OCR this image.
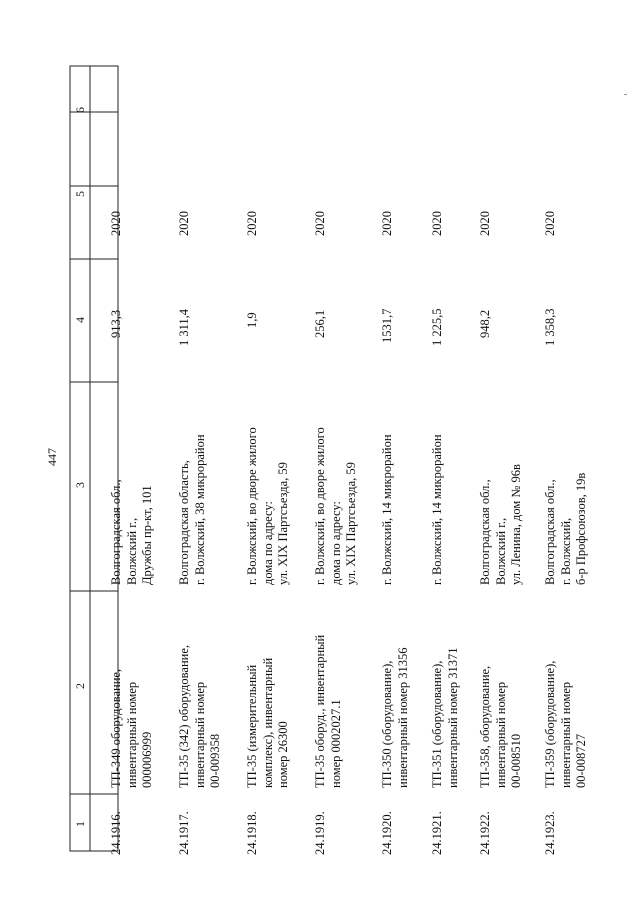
447
6
5
4
3
2
1 24.1916.
ТП-349 оборудование, инвентарный номер 000006999
Волгоградская обл., Волжский г., Дружбы пр-кт, 101
913,3
2020
24.1917.
ТП-35 (342) оборудование, инвентарный номер 00-009358
Волгоградская область, г. Волжский, 38 микрорайон
1 311,4
2020
24.1918.
ТП-35 (измерительный комплекс), инвентарный номер 26300
г. Волжский, во дворе жилого дома по адресу: ул. XIX Партсъезда, 59
1,9
2020
24.1919.
ТП-35 оборуд., инвентарный номер 0002027.1
г. Волжский, во дворе жилого дома по адресу: ул. XIX Партсъезда, 59
256,1
2020
24.1920.
ТП-350 (оборудование), инвентарный номер 31356
г. Волжский, 14 микрорайон
1531,7
2020
24.1921.
ТП-351 (оборудование), инвентарный номер 31371
г. Волжский, 14 микрорайон
1 225,5
2020
24.1922.
ТП-358, оборудование, инвентарный номер 00-008510
Волгоградская обл., Волжский г., ул. Ленина, дом № 96в
948,2
2020
24.1923.
ТП-359 (оборудование), инвентарный номер 00-008727
Волгоградская обл., г. Волжский, б-р Профсоюзов, 19в
1 358,3
2020
